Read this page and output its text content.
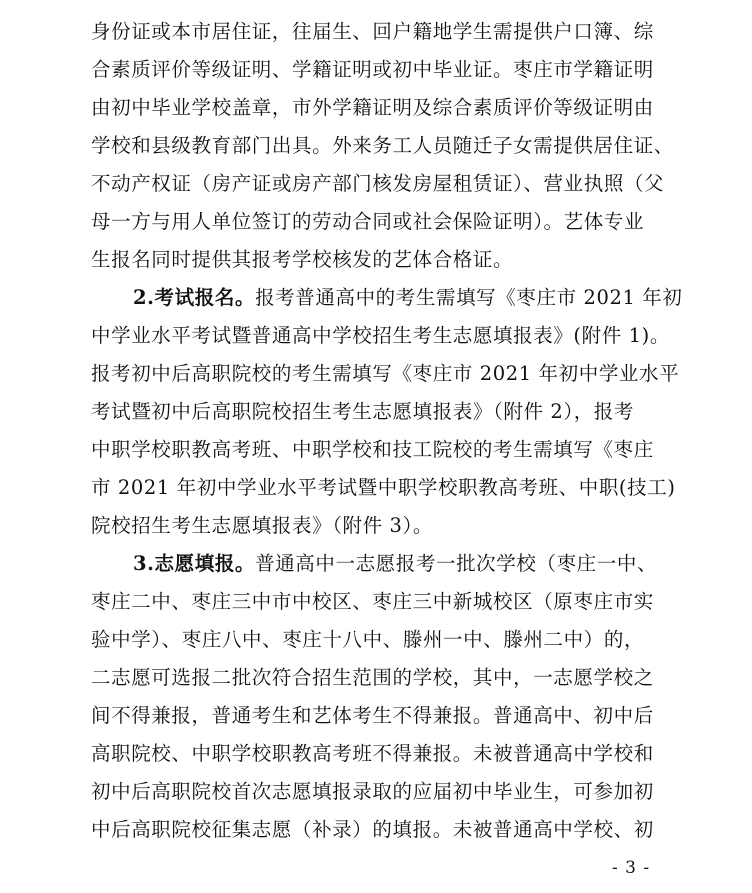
身份证或本市居住证，往届生、回户籍地学生需提供户口簿、综
合素质评价等级证明、学籍证明或初中毕业证。枣庄市学籍证明
由初中毕业学校盖章，市外学籍证明及综合素质评价等级证明由
学校和县级教育部门出具。外来务工人员随迁子女需提供居住证、
不动产权证（房产证或房产部门核发房屋租赁证）、营业执照（父
母一方与用人单位签订的劳动合同或社会保险证明）。艺体专业
生报名同时提供其报考学校核发的艺体合格证。
2.考试报名。报考普通高中的考生需填写《枣庄市 2021 年初
中学业水平考试暨普通高中学校招生考生志愿填报表》(附件 1)。
报考初中后高职院校的考生需填写《枣庄市 2021 年初中学业水平
考试暨初中后高职院校招生考生志愿填报表》（附件 2），报考
中职学校职教高考班、中职学校和技工院校的考生需填写《枣庄
市 2021 年初中学业水平考试暨中职学校职教高考班、中职(技工)
院校招生考生志愿填报表》（附件 3）。
3.志愿填报。普通高中一志愿报考一批次学校（枣庄一中、
枣庄二中、枣庄三中市中校区、枣庄三中新城校区（原枣庄市实
验中学）、枣庄八中、枣庄十八中、滕州一中、滕州二中）的，
二志愿可选报二批次符合招生范围的学校，其中，一志愿学校之
间不得兼报，普通考生和艺体考生不得兼报。普通高中、初中后
高职院校、中职学校职教高考班不得兼报。未被普通高中学校和
初中后高职院校首次志愿填报录取的应届初中毕业生，可参加初
中后高职院校征集志愿（补录）的填报。未被普通高中学校、初
- 3 -
